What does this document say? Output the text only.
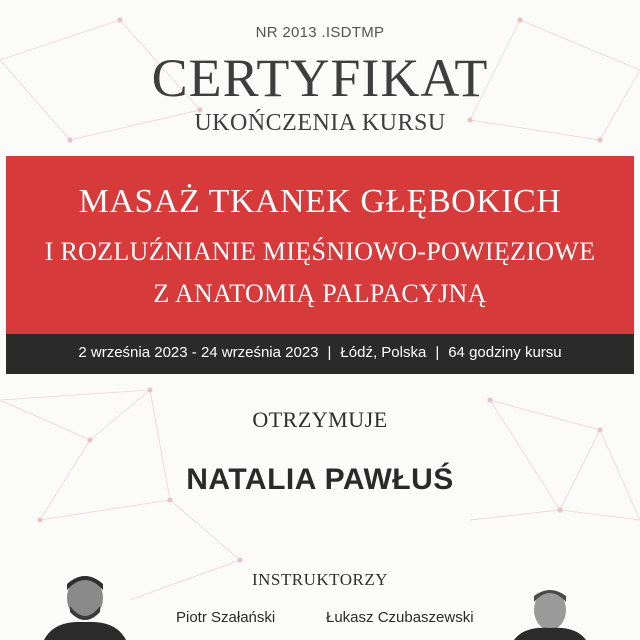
NR 2013 .ISDTMP
CERTYFIKAT
UKOŃCZENIA KURSU
MASAŻ TKANEK GŁĘBOKICH
I ROZLUŹNIANIE MIĘŚNIOWO-POWIĘZIOWE
Z ANATOMIĄ PALPACYJNĄ
2 września 2023 - 24 września 2023 | Łódź, Polska | 64 godziny kursu
OTRZYMUJE
NATALIA PAWŁUŚ
INSTRUKTORZY
Piotr Szałański	Łukasz Czubaszewski
